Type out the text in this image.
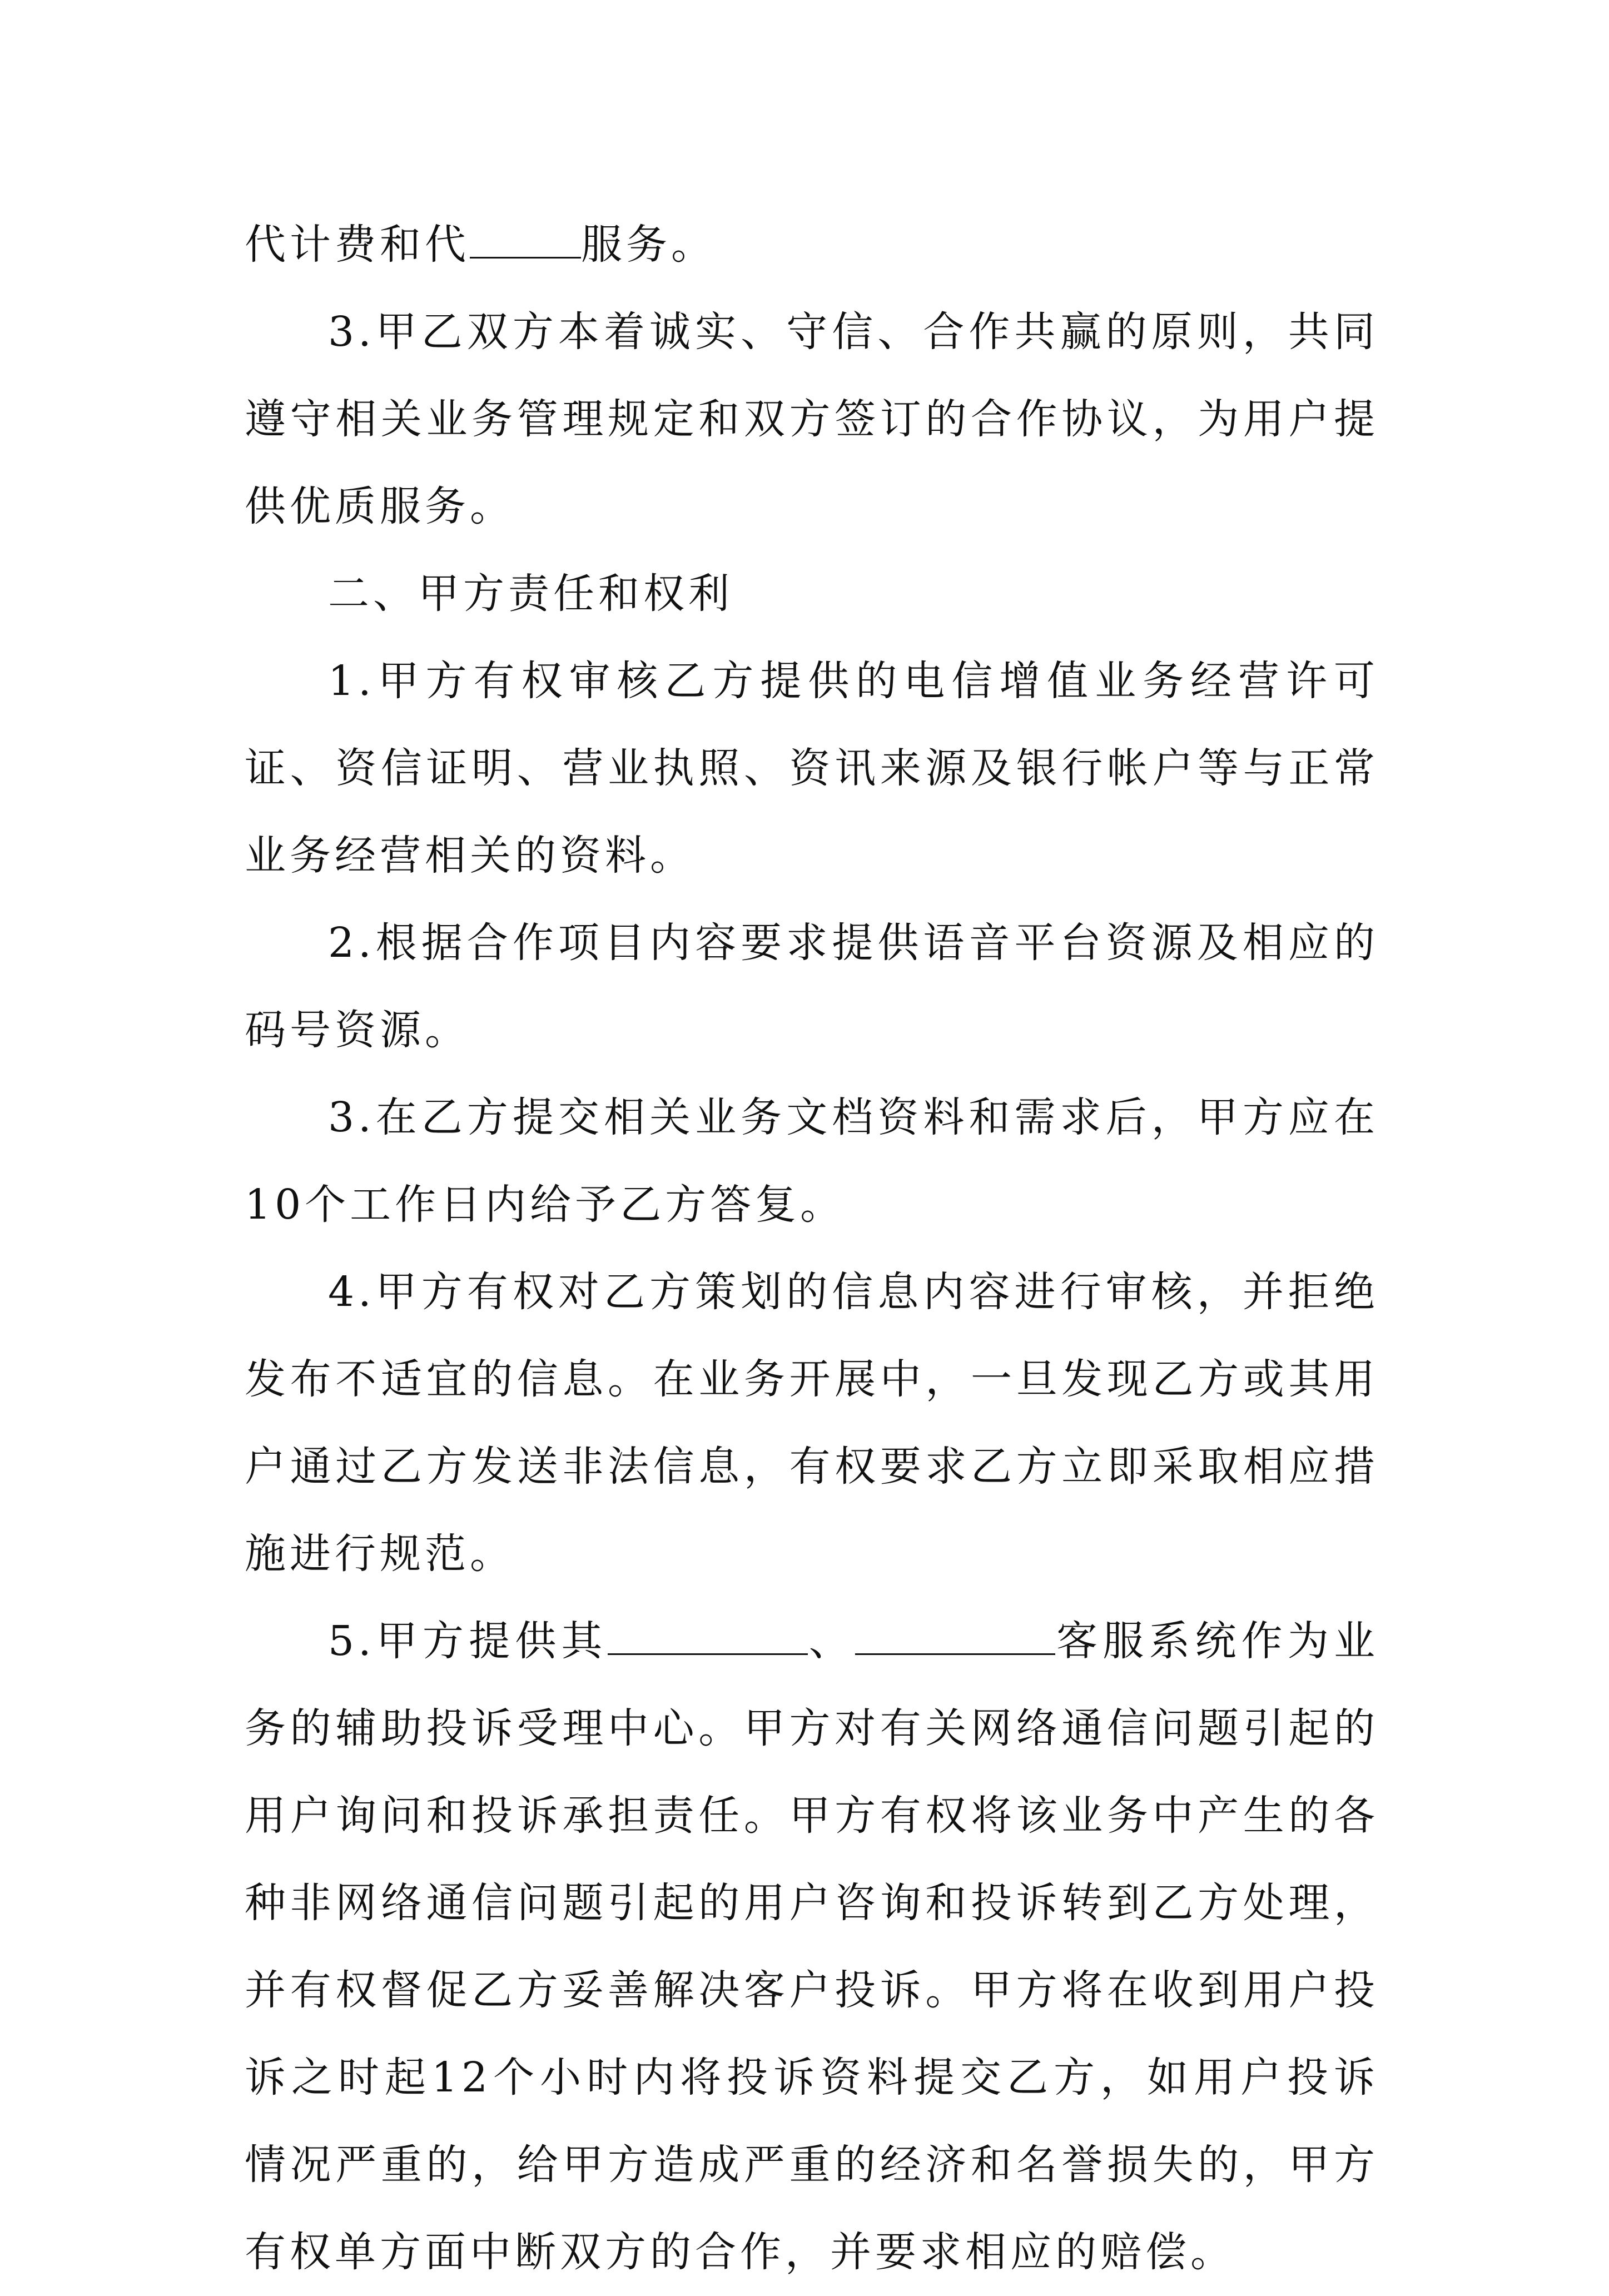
代计费和代	服务。

3.甲乙双方本着诚实、守信、合作共赢的原则，共同遵守相关业务管理规定和双方签订的合作协议，为用户提供优质服务。

二、甲方责任和权利

1.甲方有权审核乙方提供的电信增值业务经营许可证、资信证明、营业执照、资讯来源及银行帐户等与正常业务经营相关的资料。

2.根据合作项目内容要求提供语音平台资源及相应的码号资源。

3.在乙方提交相关业务文档资料和需求后，甲方应在10个工作日内给予乙方答复。

4.甲方有权对乙方策划的信息内容进行审核，并拒绝发布不适宜的信息。在业务开展中，一旦发现乙方或其用户通过乙方发送非法信息，有权要求乙方立即采取相应措施进行规范。

5.甲方提供其	、	客服系统作为业务的辅助投诉受理中心。甲方对有关网络通信问题引起的用户询问和投诉承担责任。甲方有权将该业务中产生的各种非网络通信问题引起的用户咨询和投诉转到乙方处理，并有权督促乙方妥善解决客户投诉。甲方将在收到用户投诉之时起12个小时内将投诉资料提交乙方，如用户投诉情况严重的，给甲方造成严重的经济和名誉损失的，甲方有权单方面中断双方的合作，并要求相应的赔偿。
